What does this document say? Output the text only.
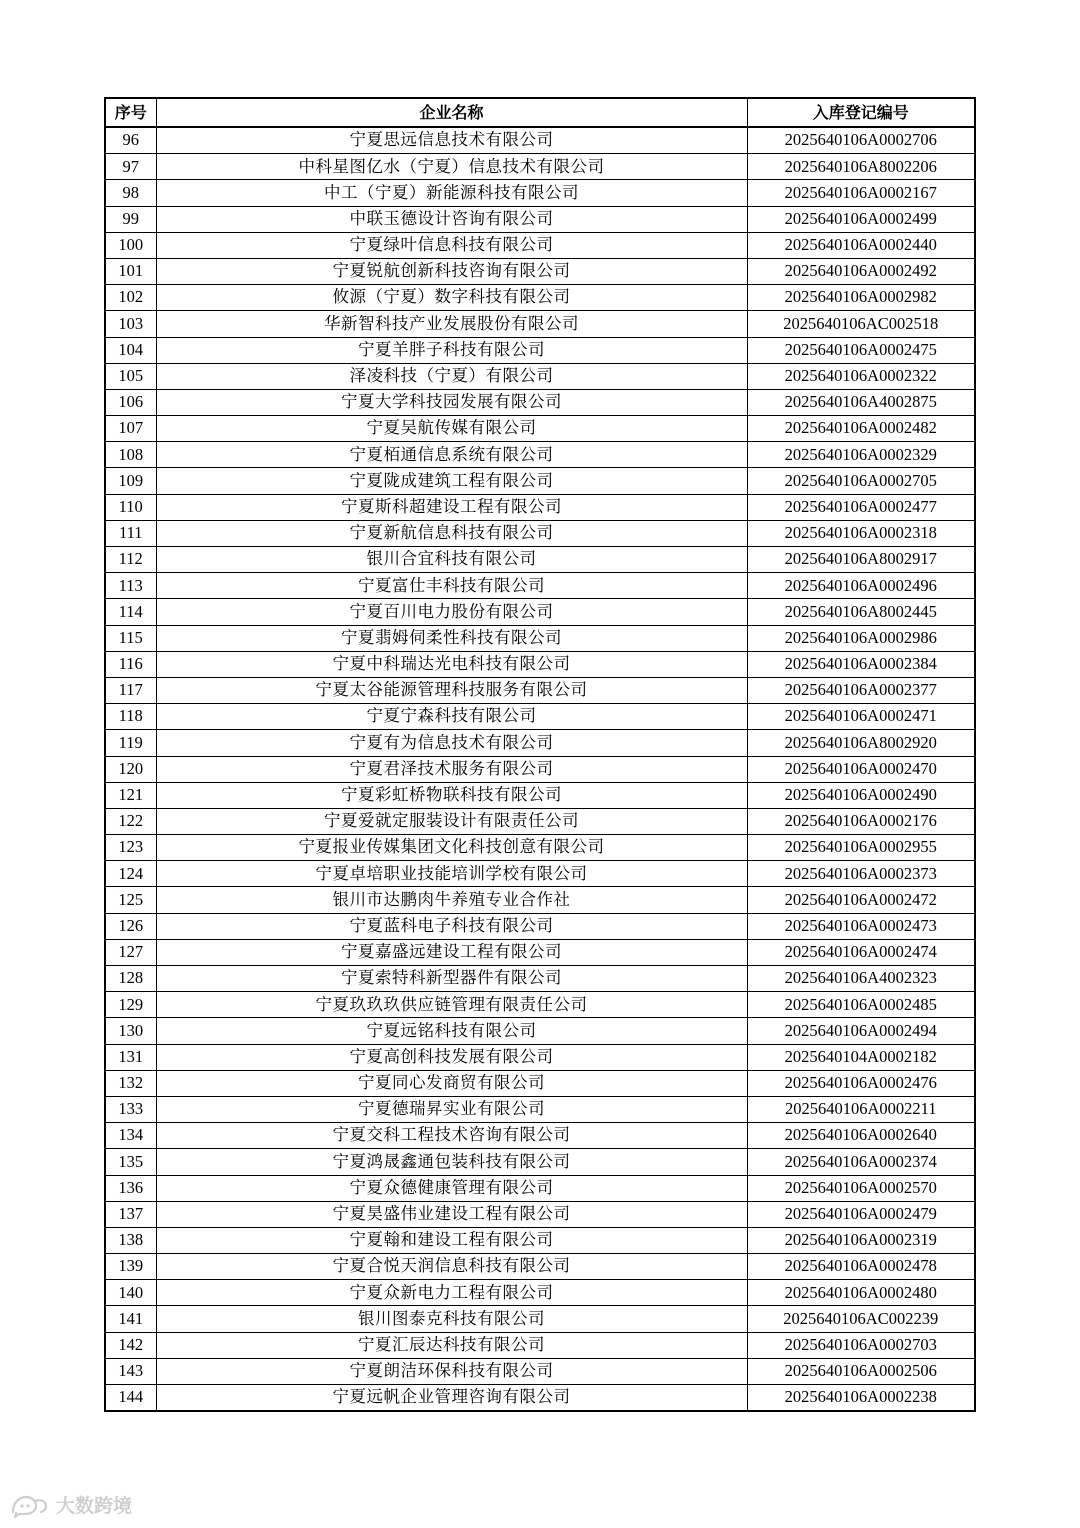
序号	企业名称	入库登记编号
96	宁夏思远信息技术有限公司	2025640106A0002706
97	中科星图亿水（宁夏）信息技术有限公司	2025640106A8002206
98	中工（宁夏）新能源科技有限公司	2025640106A0002167
99	中联玉德设计咨询有限公司	2025640106A0002499
100	宁夏绿叶信息科技有限公司	2025640106A0002440
101	宁夏锐航创新科技咨询有限公司	2025640106A0002492
102	攸源（宁夏）数字科技有限公司	2025640106A0002982
103	华新智科技产业发展股份有限公司	2025640106AC002518
104	宁夏羊胖子科技有限公司	2025640106A0002475
105	泽凌科技（宁夏）有限公司	2025640106A0002322
106	宁夏大学科技园发展有限公司	2025640106A4002875
107	宁夏吴航传媒有限公司	2025640106A0002482
108	宁夏栢通信息系统有限公司	2025640106A0002329
109	宁夏陇成建筑工程有限公司	2025640106A0002705
110	宁夏斯科超建设工程有限公司	2025640106A0002477
111	宁夏新航信息科技有限公司	2025640106A0002318
112	银川合宜科技有限公司	2025640106A8002917
113	宁夏富仕丰科技有限公司	2025640106A0002496
114	宁夏百川电力股份有限公司	2025640106A8002445
115	宁夏翡姆伺柔性科技有限公司	2025640106A0002986
116	宁夏中科瑞达光电科技有限公司	2025640106A0002384
117	宁夏太谷能源管理科技服务有限公司	2025640106A0002377
118	宁夏宁森科技有限公司	2025640106A0002471
119	宁夏有为信息技术有限公司	2025640106A8002920
120	宁夏君泽技术服务有限公司	2025640106A0002470
121	宁夏彩虹桥物联科技有限公司	2025640106A0002490
122	宁夏爱就定服装设计有限责任公司	2025640106A0002176
123	宁夏报业传媒集团文化科技创意有限公司	2025640106A0002955
124	宁夏卓培职业技能培训学校有限公司	2025640106A0002373
125	银川市达鹏肉牛养殖专业合作社	2025640106A0002472
126	宁夏蓝科电子科技有限公司	2025640106A0002473
127	宁夏嘉盛远建设工程有限公司	2025640106A0002474
128	宁夏索特科新型器件有限公司	2025640106A4002323
129	宁夏玖玖玖供应链管理有限责任公司	2025640106A0002485
130	宁夏远铭科技有限公司	2025640106A0002494
131	宁夏高创科技发展有限公司	2025640104A0002182
132	宁夏同心发商贸有限公司	2025640106A0002476
133	宁夏德瑞昇实业有限公司	2025640106A0002211
134	宁夏交科工程技术咨询有限公司	2025640106A0002640
135	宁夏鸿晟鑫通包装科技有限公司	2025640106A0002374
136	宁夏众德健康管理有限公司	2025640106A0002570
137	宁夏昊盛伟业建设工程有限公司	2025640106A0002479
138	宁夏翰和建设工程有限公司	2025640106A0002319
139	宁夏合悦天润信息科技有限公司	2025640106A0002478
140	宁夏众新电力工程有限公司	2025640106A0002480
141	银川图泰克科技有限公司	2025640106AC002239
142	宁夏汇辰达科技有限公司	2025640106A0002703
143	宁夏朗洁环保科技有限公司	2025640106A0002506
144	宁夏远帆企业管理咨询有限公司	2025640106A0002238
大数跨境
